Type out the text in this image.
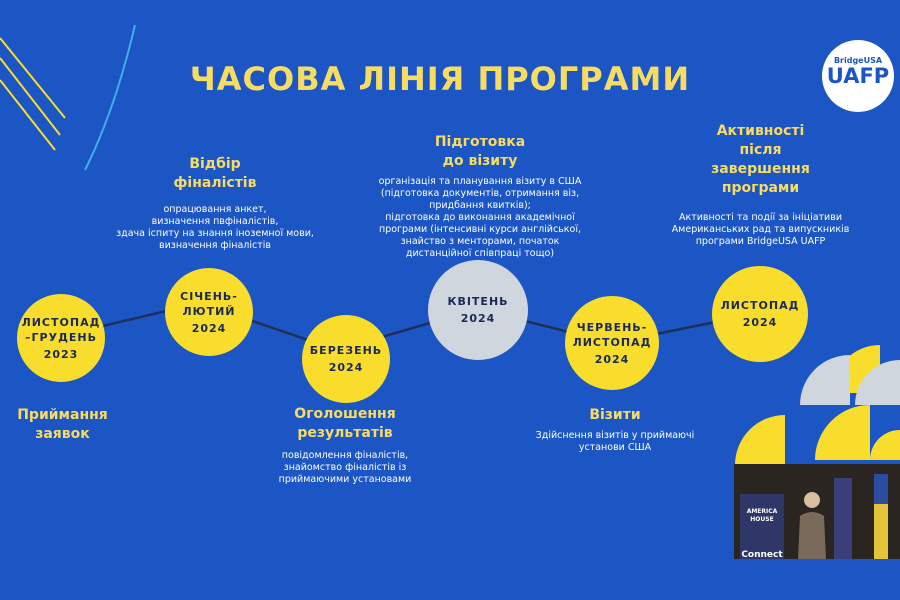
ЧАСОВА ЛІНІЯ ПРОГРАМИ	BridgeUSA
UAFP
ЛИСТОПАД
–ГРУДЕНЬ
2023
СІЧЕНЬ-
ЛЮТИЙ
2024
БЕРЕЗЕНЬ
2024
КВІТЕНЬ
2024
ЧЕРВЕНЬ-
ЛИСТОПАД
2024
ЛИСТОПАД
2024
Приймання
заявок
Відбір
фіналістів
опрацювання анкет,
визначення пвфіналістів,
здача іспиту на знання іноземної мови,
визначення фіналістів
Оголошення
результатів
повідомлення фіналістів,
знайомство фіналістів із
приймаючими установами
Підготовка
до візиту
організація та планування візиту в США
(підготовка документів, отримання віз,
придбання квитків);
підготовка до виконання академічної
програми (інтенсивні курси англійської,
знайство з менторами, початок
дистанційної співпраці тощо)
Візити
Здійснення візитів у приймаючі
установи США
Активності
після
завершення
програми
Активності та події за ініціативи
Американських рад та випускників
програми BridgeUSA UAFP
AMERICA
HOUSE
Connect
